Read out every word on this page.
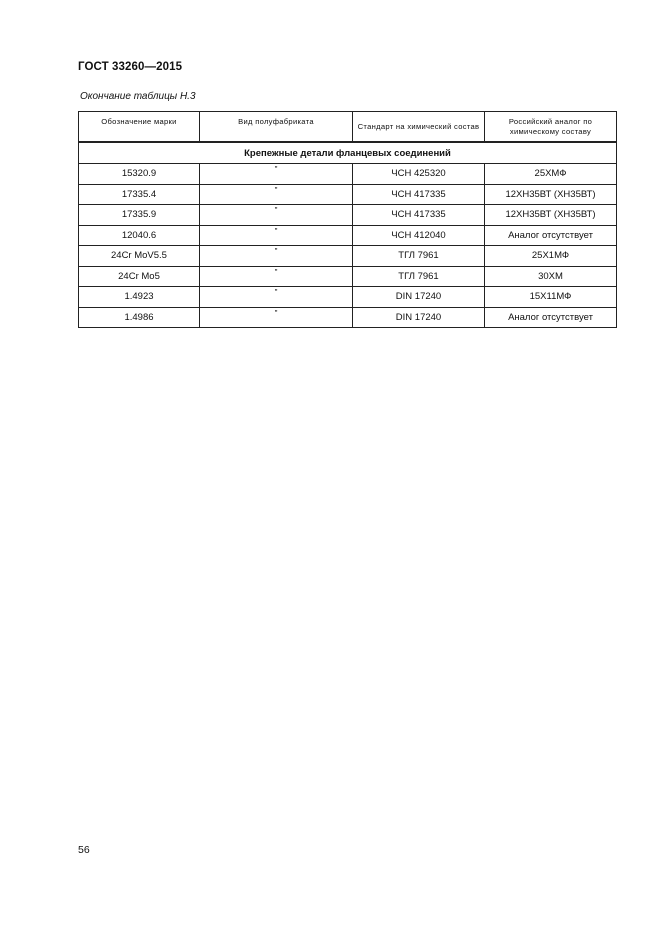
ГОСТ 33260—2015
Окончание таблицы Н.3
Обозначение марки	Вид полуфабриката	Стандарт на химический состав	Российский аналог по химическому составу
Крепежные детали фланцевых соединений			
15320.9	"	ЧСН 425320	25ХМФ
17335.4	"	ЧСН 417335	12ХН35ВТ (ХН35ВТ)
17335.9	"	ЧСН 417335	12ХН35ВТ (ХН35ВТ)
12040.6	"	ЧСН 412040	Аналог отсутствует
24Cr MoV5.5	"	ТГЛ 7961	25Х1МФ
24Cr Mo5	"	ТГЛ 7961	30ХМ
1.4923	"	DIN 17240	15Х11МФ
1.4986	"	DIN 17240	Аналог отсутствует
56
